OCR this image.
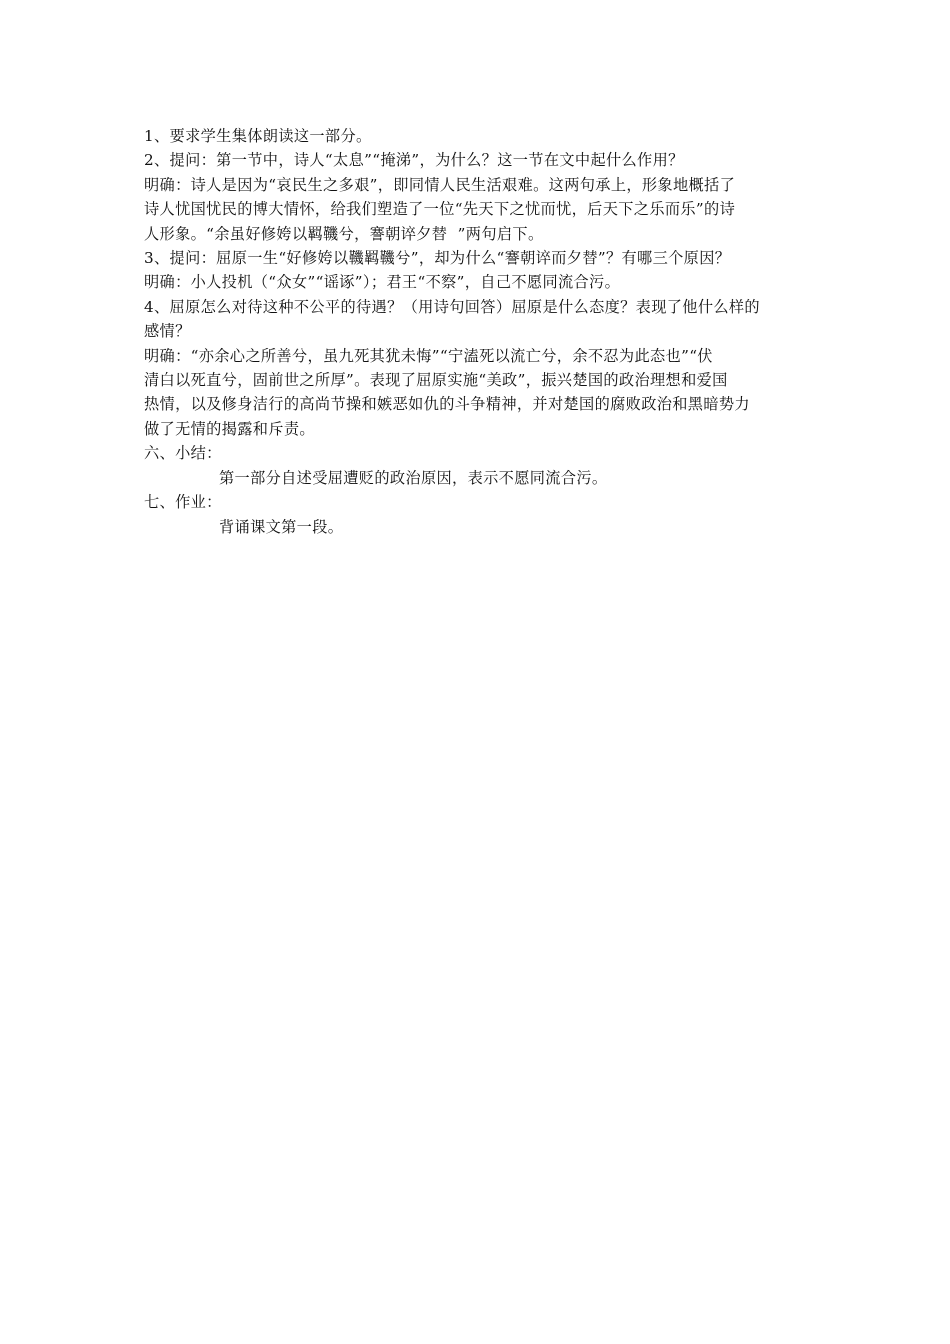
1、要求学生集体朗读这一部分。
2、提问：第一节中，诗人“太息”“掩涕”，为什么？这一节在文中起什么作用？
明确：诗人是因为“哀民生之多艰”，即同情人民生活艰难。这两句承上，形象地概括了
诗人忧国忧民的博大情怀，给我们塑造了一位“先天下之忧而忧，后天下之乐而乐”的诗
人形象。“余虽好修姱以羁鞿兮，謇朝谇夕替  ”两句启下。
3、提问：屈原一生“好修姱以鞿羁鞿兮”，却为什么“謇朝谇而夕替”？有哪三个原因？
明确：小人投机（“众女”“谣诼”）；君王“不察”，自己不愿同流合污。
4、屈原怎么对待这种不公平的待遇？（用诗句回答）屈原是什么态度？表现了他什么样的
感情？
明确：“亦余心之所善兮，虽九死其犹未悔”“宁溘死以流亡兮，余不忍为此态也”“伏
清白以死直兮，固前世之所厚”。表现了屈原实施“美政”，振兴楚国的政治理想和爱国
热情，以及修身洁行的高尚节操和嫉恶如仇的斗争精神，并对楚国的腐败政治和黑暗势力
做了无情的揭露和斥责。
六、小结：
第一部分自述受屈遭贬的政治原因，表示不愿同流合污。
七、作业：
背诵课文第一段。
